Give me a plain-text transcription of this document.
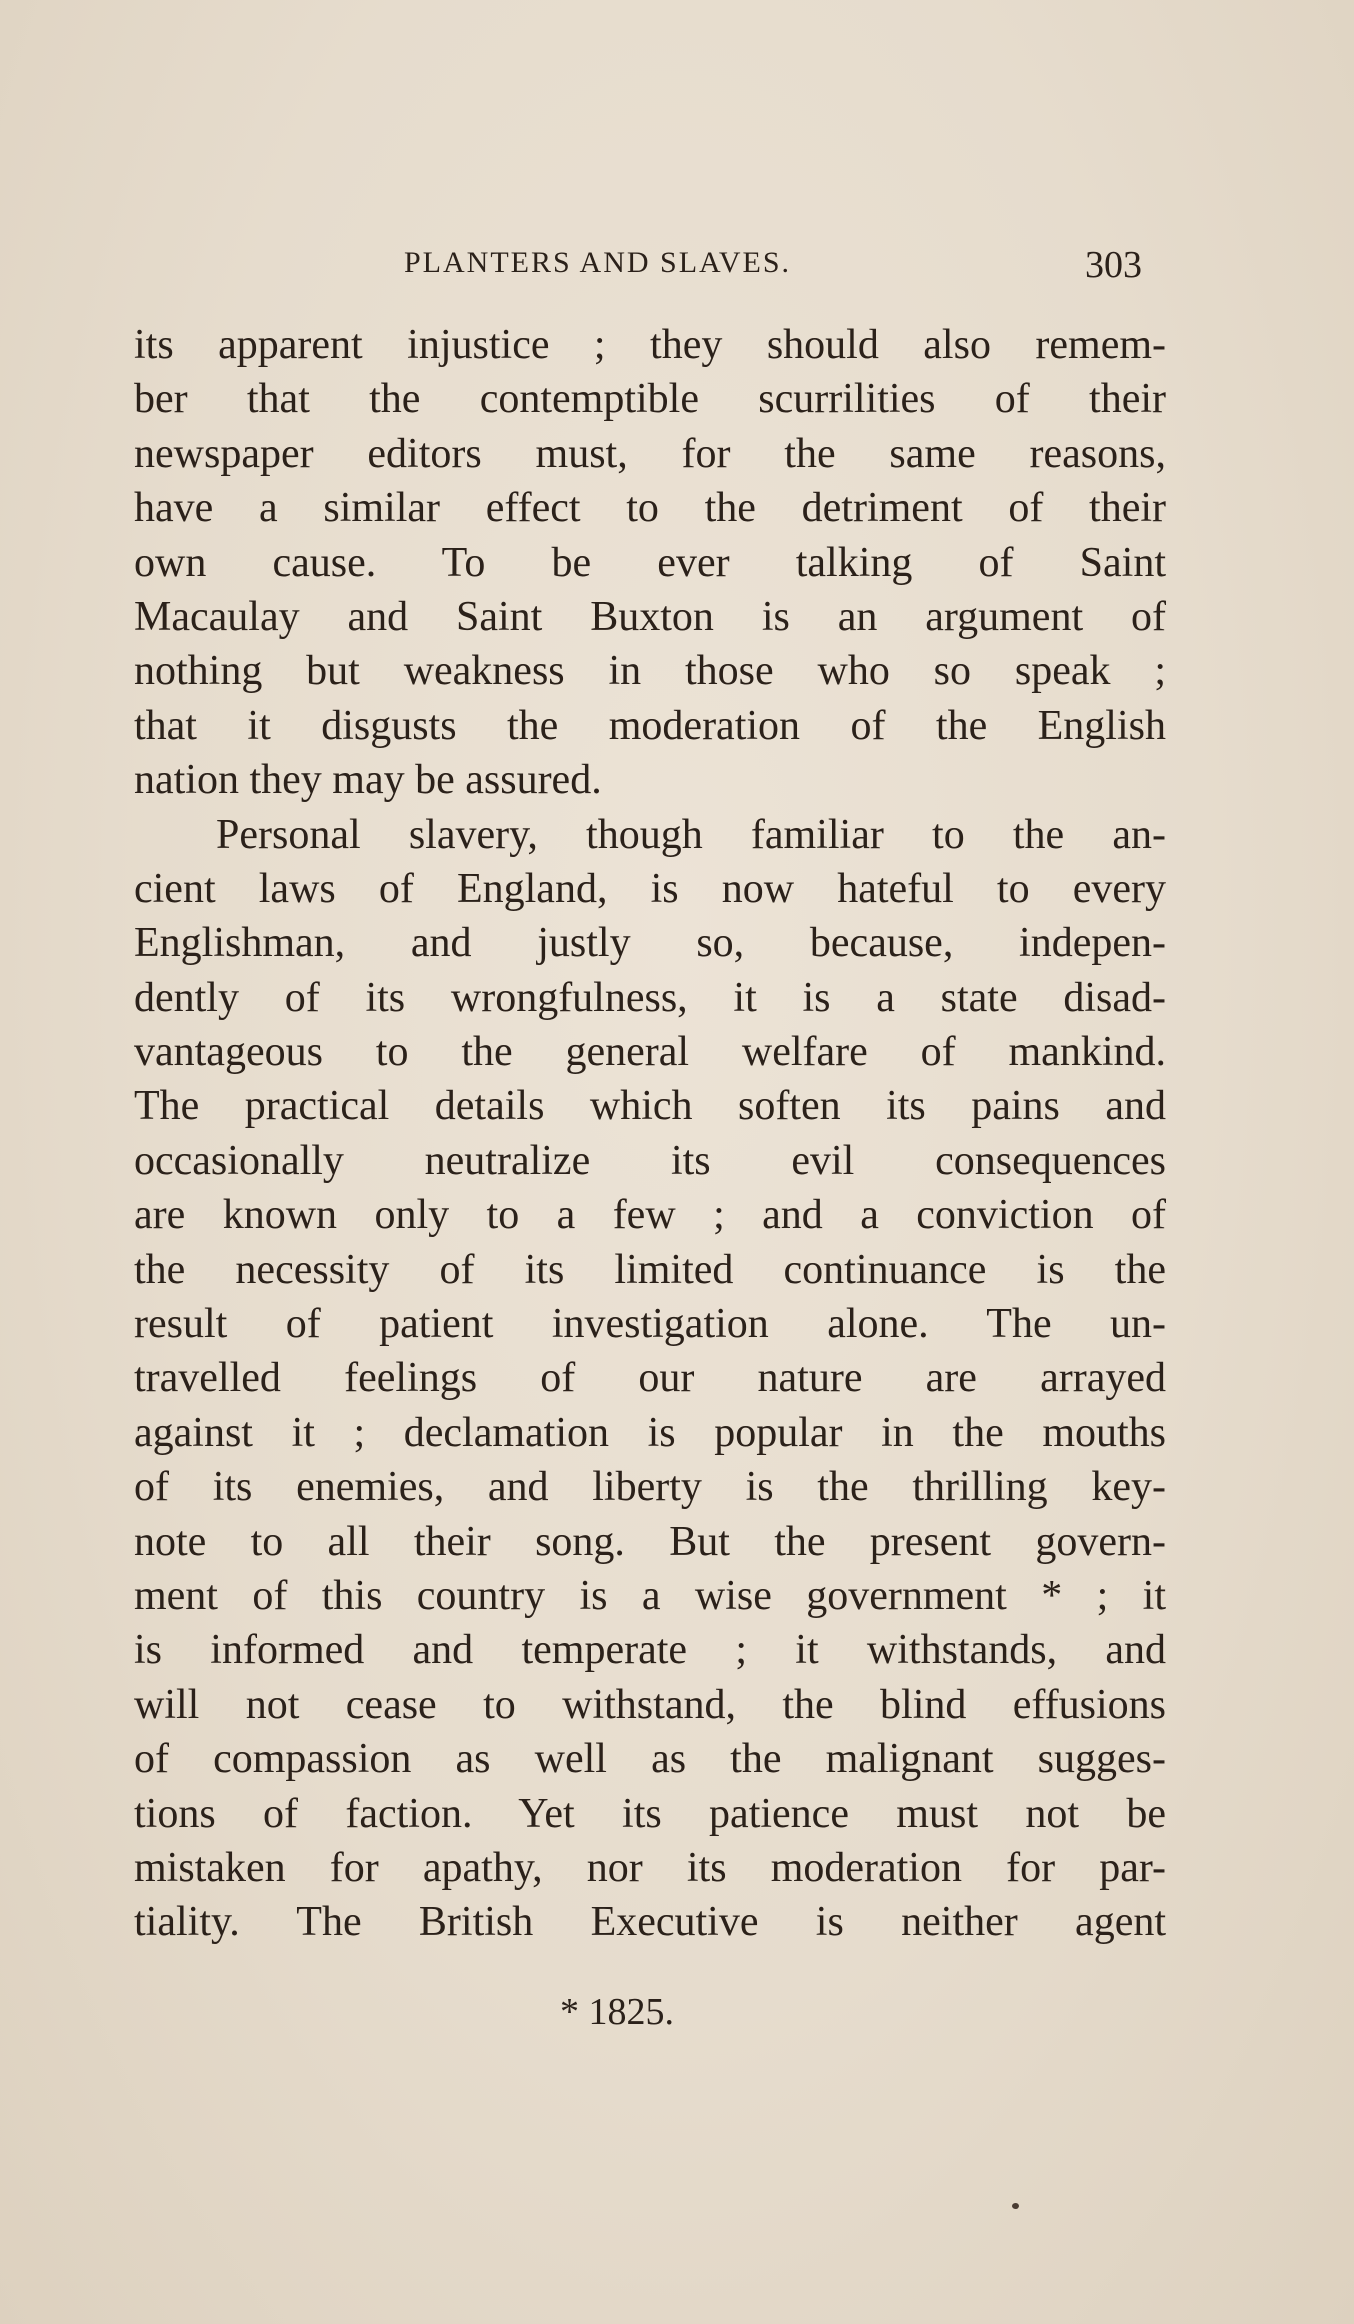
PLANTERS AND SLAVES.	303
its apparent injustice ; they should also remem-
ber that the contemptible scurrilities of their
newspaper editors must, for the same reasons,
have a similar effect to the detriment of their
own cause. To be ever talking of Saint
Macaulay and Saint Buxton is an argument of
nothing but weakness in those who so speak ;
that it disgusts the moderation of the English
nation they may be assured.
Personal slavery, though familiar to the an-
cient laws of England, is now hateful to every
Englishman, and justly so, because, indepen-
dently of its wrongfulness, it is a state disad-
vantageous to the general welfare of mankind.
The practical details which soften its pains and
occasionally neutralize its evil consequences
are known only to a few ; and a conviction of
the necessity of its limited continuance is the
result of patient investigation alone. The un-
travelled feelings of our nature are arrayed
against it ; declamation is popular in the mouths
of its enemies, and liberty is the thrilling key-
note to all their song. But the present govern-
ment of this country is a wise government * ; it
is informed and temperate ; it withstands, and
will not cease to withstand, the blind effusions
of compassion as well as the malignant sugges-
tions of faction. Yet its patience must not be
mistaken for apathy, nor its moderation for par-
tiality. The British Executive is neither agent
* 1825.
